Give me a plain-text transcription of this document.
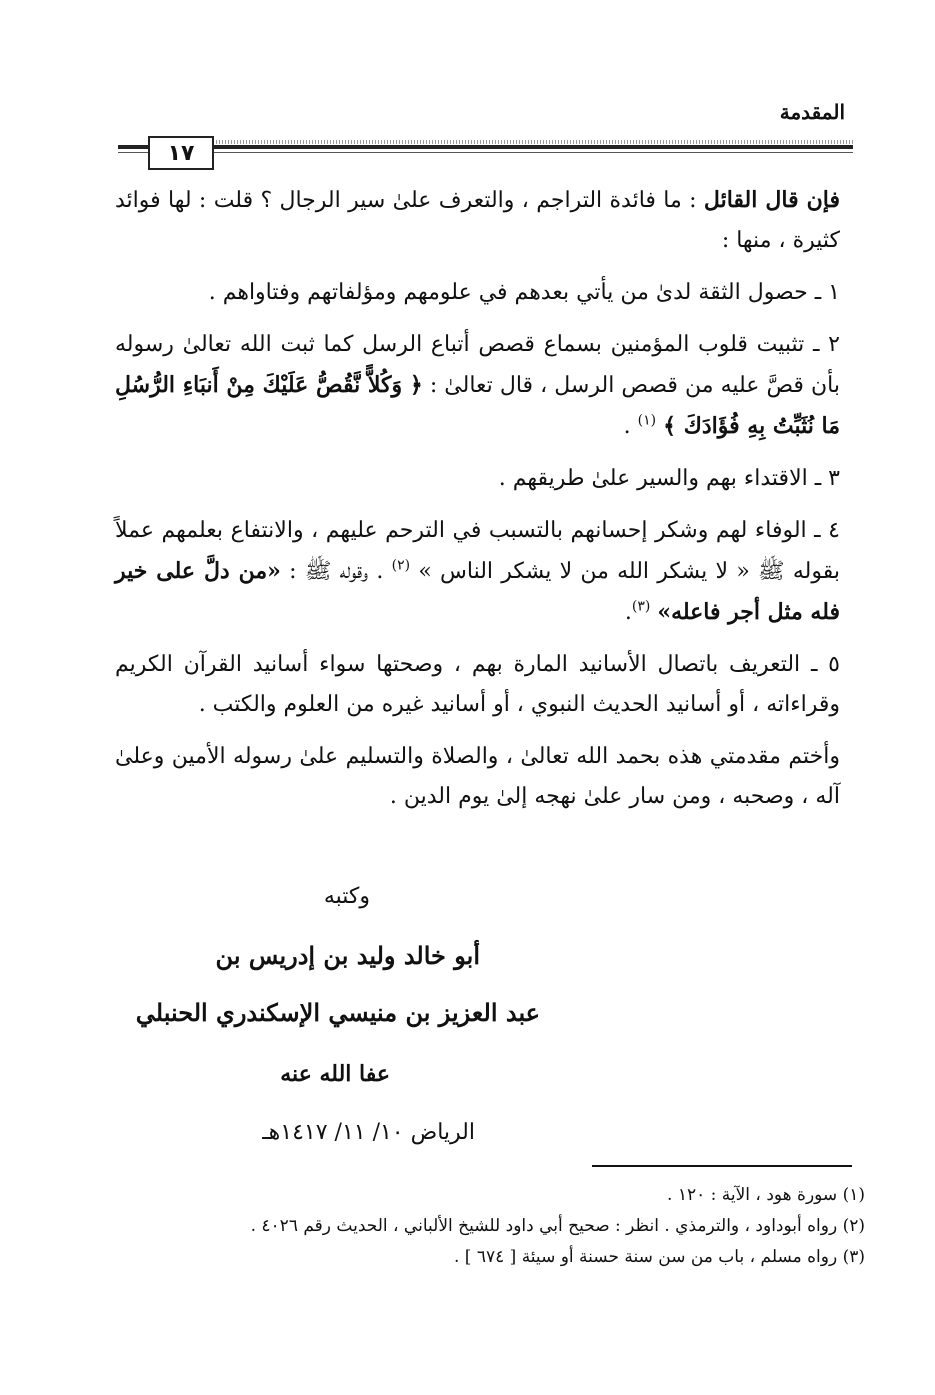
المقدمة
١٧

فإن قال القائل : ما فائدة التراجم ، والتعرف علىٰ سير الرجال ؟ قلت : لها فوائد كثيرة ، منها :

١ ـ حصول الثقة لدىٰ من يأتي بعدهم في علومهم ومؤلفاتهم وفتاواهم .

٢ ـ تثبيت قلوب المؤمنين بسماع قصص أتباع الرسل كما ثبت الله تعالىٰ رسوله بأن قصَّ عليه من قصص الرسل ، قال تعالىٰ : ﴿ وَكُلاًّ نَّقُصُّ عَلَيْكَ مِنْ أَنبَاءِ الرُّسُلِ مَا نُثَبِّتُ بِهِ فُؤَادَكَ ﴾ $^{(١)}$ .

٣ ـ الاقتداء بهم والسير علىٰ طريقهم .

٤ ـ الوفاء لهم وشكر إحسانهم بالتسبب في الترحم عليهم ، والانتفاع بعلمهم عملاً بقوله ﷺ « لا يشكر الله من لا يشكر الناس » $^{(٢)}$ . وقوله ﷺ : «من دلَّ على خير فله مثل أجر فاعله» $^{(٣)}$.

٥ ـ التعريف باتصال الأسانيد المارة بهم ، وصحتها سواء أسانيد القرآن الكريم وقراءاته ، أو أسانيد الحديث النبوي ، أو أسانيد غيره من العلوم والكتب .

وأختم مقدمتي هذه بحمد الله تعالىٰ ، والصلاة والتسليم علىٰ رسوله الأمين وعلىٰ آله ، وصحبه ، ومن سار علىٰ نهجه إلىٰ يوم الدين .

وكتبه
أبو خالد وليد بن إدريس بن
عبد العزيز بن منيسي الإسكندري الحنبلي
عفا الله عنه
الرياض ١٠/ ١١/ ١٤١٧هـ

(١) سورة هود ، الآية : ١٢٠ .

(٢) رواه أبوداود ، والترمذي . انظر : صحيح أبي داود للشيخ الألباني ، الحديث رقم ٤٠٢٦ .

(٣) رواه مسلم ، باب من سن سنة حسنة أو سيئة [ ٦٧٤ ] .
